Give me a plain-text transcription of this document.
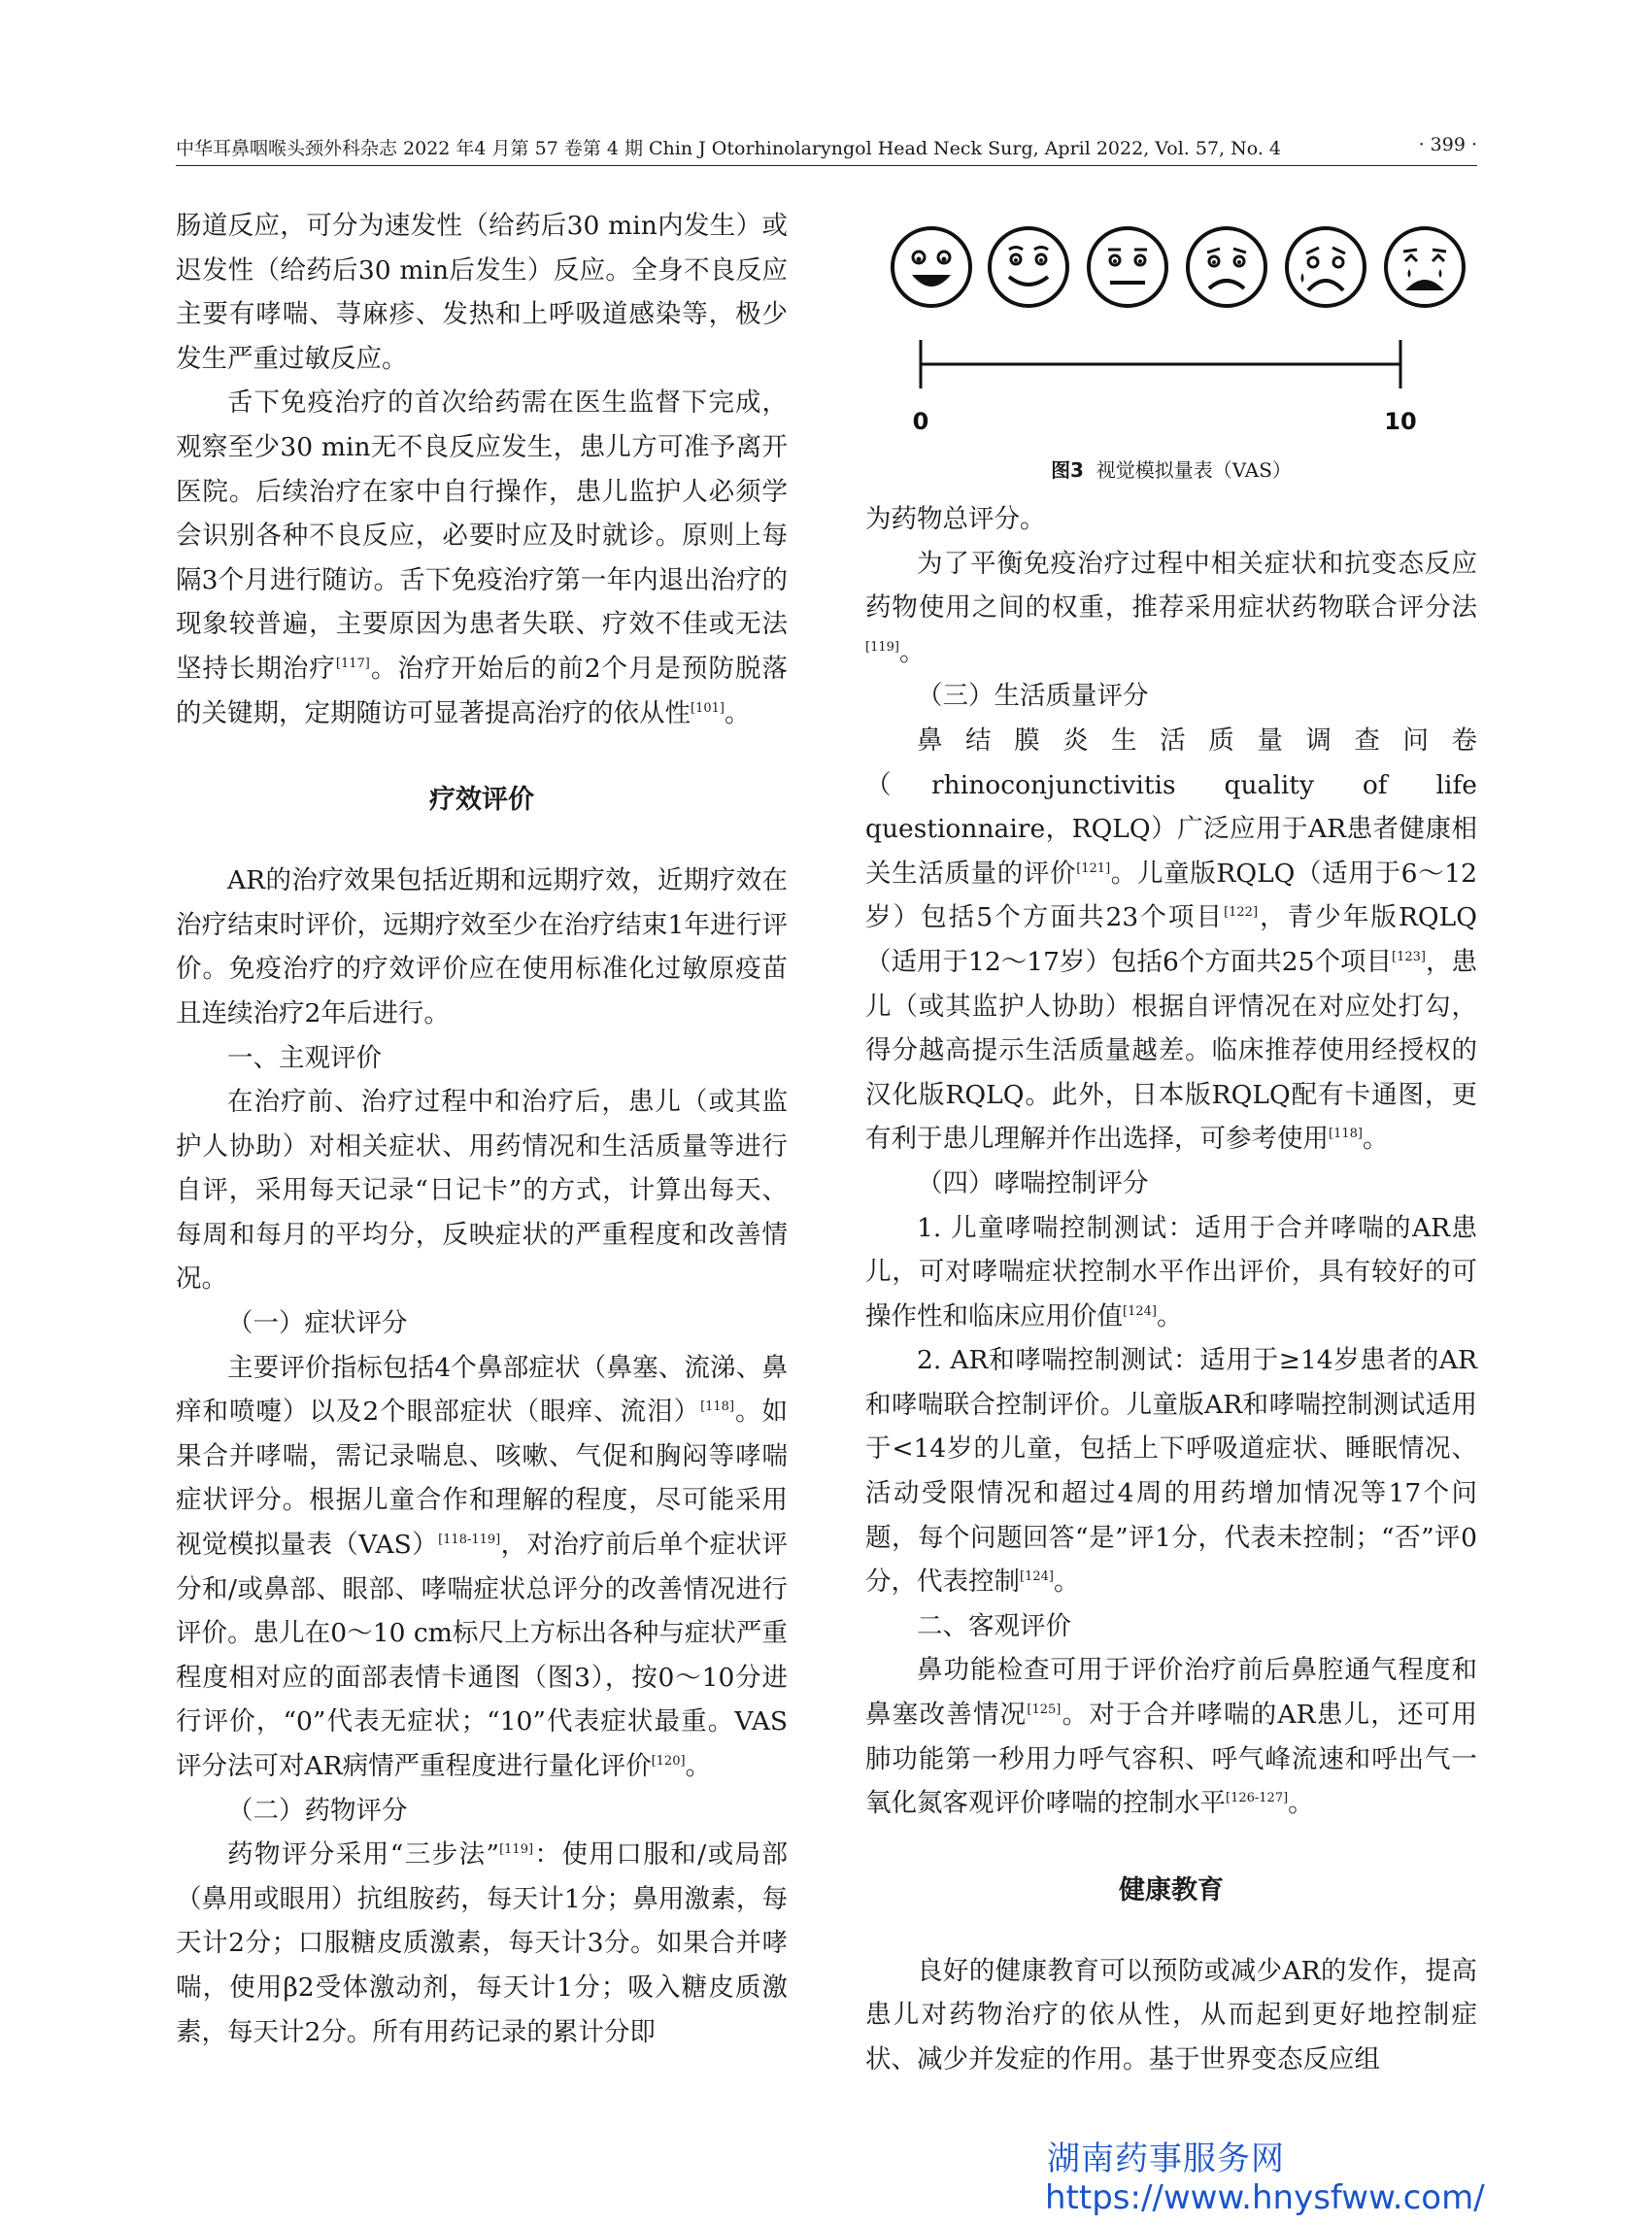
中华耳鼻咽喉头颈外科杂志 2022 年4 月第 57 卷第 4 期 Chin J Otorhinolaryngol Head Neck Surg, April 2022, Vol. 57, No. 4	· 399 ·

肠道反应，可分为速发性（给药后30 min内发生）或迟发性（给药后30 min后发生）反应。全身不良反应主要有哮喘、荨麻疹、发热和上呼吸道感染等，极少发生严重过敏反应。

舌下免疫治疗的首次给药需在医生监督下完成，观察至少30 min无不良反应发生，患儿方可准予离开医院。后续治疗在家中自行操作，患儿监护人必须学会识别各种不良反应，必要时应及时就诊。原则上每隔3个月进行随访。舌下免疫治疗第一年内退出治疗的现象较普遍，主要原因为患者失联、疗效不佳或无法坚持长期治疗[117]。治疗开始后的前2个月是预防脱落的关键期，定期随访可显著提高治疗的依从性[101]。

疗效评价

AR的治疗效果包括近期和远期疗效，近期疗效在治疗结束时评价，远期疗效至少在治疗结束1年进行评价。免疫治疗的疗效评价应在使用标准化过敏原疫苗且连续治疗2年后进行。

一、主观评价

在治疗前、治疗过程中和治疗后，患儿（或其监护人协助）对相关症状、用药情况和生活质量等进行自评，采用每天记录“日记卡”的方式，计算出每天、每周和每月的平均分，反映症状的严重程度和改善情况。

（一）症状评分

主要评价指标包括4个鼻部症状（鼻塞、流涕、鼻痒和喷嚏）以及2个眼部症状（眼痒、流泪）[118]。如果合并哮喘，需记录喘息、咳嗽、气促和胸闷等哮喘症状评分。根据儿童合作和理解的程度，尽可能采用视觉模拟量表（VAS）[118-119]，对治疗前后单个症状评分和/或鼻部、眼部、哮喘症状总评分的改善情况进行评价。患儿在0～10 cm标尺上方标出各种与症状严重程度相对应的面部表情卡通图（图3），按0～10分进行评价，“0”代表无症状；“10”代表症状最重。VAS评分法可对AR病情严重程度进行量化评价[120]。

（二）药物评分

药物评分采用“三步法”[119]：使用口服和/或局部（鼻用或眼用）抗组胺药，每天计1分；鼻用激素，每天计2分；口服糖皮质激素，每天计3分。如果合并哮喘，使用β2受体激动剂，每天计1分；吸入糖皮质激素，每天计2分。所有用药记录的累计分即

0	10
图3 视觉模拟量表（VAS）

为药物总评分。

为了平衡免疫治疗过程中相关症状和抗变态反应药物使用之间的权重，推荐采用症状药物联合评分法[119]。

（三）生活质量评分

鼻结膜炎生活质量调查问卷（rhinoconjunctivitis quality of life questionnaire，RQLQ）广泛应用于AR患者健康相关生活质量的评价[121]。儿童版RQLQ（适用于6～12岁）包括5个方面共23个项目[122]，青少年版RQLQ（适用于12～17岁）包括6个方面共25个项目[123]，患儿（或其监护人协助）根据自评情况在对应处打勾，得分越高提示生活质量越差。临床推荐使用经授权的汉化版RQLQ。此外，日本版RQLQ配有卡通图，更有利于患儿理解并作出选择，可参考使用[118]。

（四）哮喘控制评分

1. 儿童哮喘控制测试：适用于合并哮喘的AR患儿，可对哮喘症状控制水平作出评价，具有较好的可操作性和临床应用价值[124]。

2. AR和哮喘控制测试：适用于≥14岁患者的AR和哮喘联合控制评价。儿童版AR和哮喘控制测试适用于<14岁的儿童，包括上下呼吸道症状、睡眠情况、活动受限情况和超过4周的用药增加情况等17个问题，每个问题回答“是”评1分，代表未控制；“否”评0分，代表控制[124]。

二、客观评价

鼻功能检查可用于评价治疗前后鼻腔通气程度和鼻塞改善情况[125]。对于合并哮喘的AR患儿，还可用肺功能第一秒用力呼气容积、呼气峰流速和呼出气一氧化氮客观评价哮喘的控制水平[126-127]。

健康教育

良好的健康教育可以预防或减少AR的发作，提高患儿对药物治疗的依从性，从而起到更好地控制症状、减少并发症的作用。基于世界变态反应组

湖南药事服务网
https://www.hnysfww.com/
